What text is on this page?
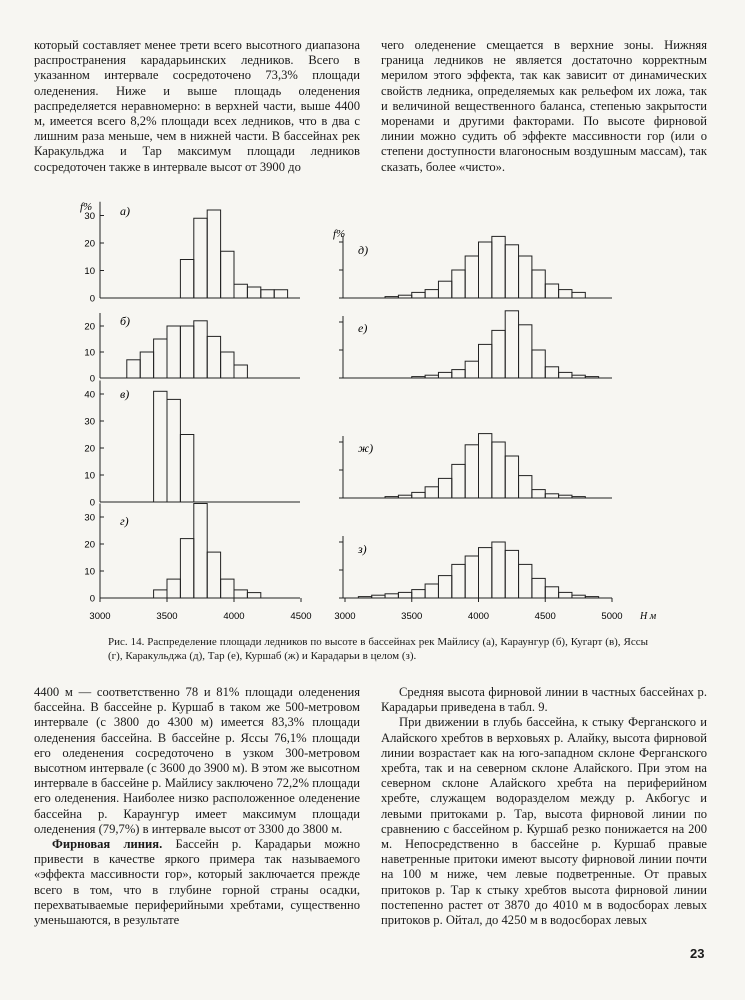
который составляет менее трети всего высотного диапазона распространения карадарьинских ледников. Всего в указанном интервале сосредоточено 73,3% площади оледенения. Ниже и выше площадь оледенения распределяется неравномерно: в верхней части, выше 4400 м, имеется всего 8,2% площади всех ледников, что в два с лишним раза меньше, чем в нижней части. В бассейнах рек Каракульджа и Тар максимум площади ледников сосредоточен также в интервале высот от 3900 до

чего оледенение смещается в верхние зоны. Нижняя граница ледников не является достаточно корректным мерилом этого эффекта, так как зависит от динамических свойств ледника, определяемых как рельефом их ложа, так и величиной вещественного баланса, степенью закрытости моренами и другими факторами. По высоте фирновой линии можно судить об эффекте массивности гор (или о степени доступности влагоносным воздушным массам), так сказать, более «чисто».

а)
0
10
20
30
б)
0
10
20
в)
0
10
20
30
40
г)
0
10
20
30
д)
е)
ж)
з)
f%
f%
3000	3500	4000	4500 3000	3500	4000	4500	5000 Н м
Рис. 14. Распределение площади ледников по высоте в бассейнах рек Майлису (а), Караунгур (б), Кугарт (в), Яссы (г), Каракульджа (д), Тар (е), Куршаб (ж) и Карадарьи в целом (з).

4400 м — соответственно 78 и 81% площади оледенения бассейна. В бассейне р. Куршаб в таком же 500-метровом интервале (с 3800 до 4300 м) имеется 83,3% площади оледенения бассейна. В бассейне р. Яссы 76,1% площади его оледенения сосредоточено в узком 300-метровом высотном интервале (с 3600 до 3900 м). В этом же высотном интервале в бассейне р. Майлису заключено 72,2% площади его оледенения. Наиболее низко расположенное оледенение бассейна р. Караунгур имеет максимум площади оледенения (79,7%) в интервале высот от 3300 до 3800 м.

Фирновая линия. Бассейн р. Карадарьи можно привести в качестве яркого примера так называемого «эффекта массивности гор», который заключается прежде всего в том, что в глубине горной страны осадки, перехватываемые периферийными хребтами, существенно уменьшаются, в результате

Средняя высота фирновой линии в частных бассейнах р. Карадарьи приведена в табл. 9.

При движении в глубь бассейна, к стыку Ферганского и Алайского хребтов в верховьях р. Алайку, высота фирновой линии возрастает как на юго-западном склоне Ферганского хребта, так и на северном склоне Алайского. При этом на северном склоне Алайского хребта на периферийном хребте, служащем водоразделом между р. Акбогус и левыми притоками р. Тар, высота фирновой линии по сравнению с бассейном р. Куршаб резко понижается на 200 м. Непосредственно в бассейне р. Куршаб правые наветренные притоки имеют высоту фирновой линии почти на 100 м ниже, чем левые подветренные. От правых притоков р. Тар к стыку хребтов высота фирновой линии постепенно растет от 3870 до 4010 м в водосборах левых притоков р. Ойтал, до 4250 м в водосборах левых

23
